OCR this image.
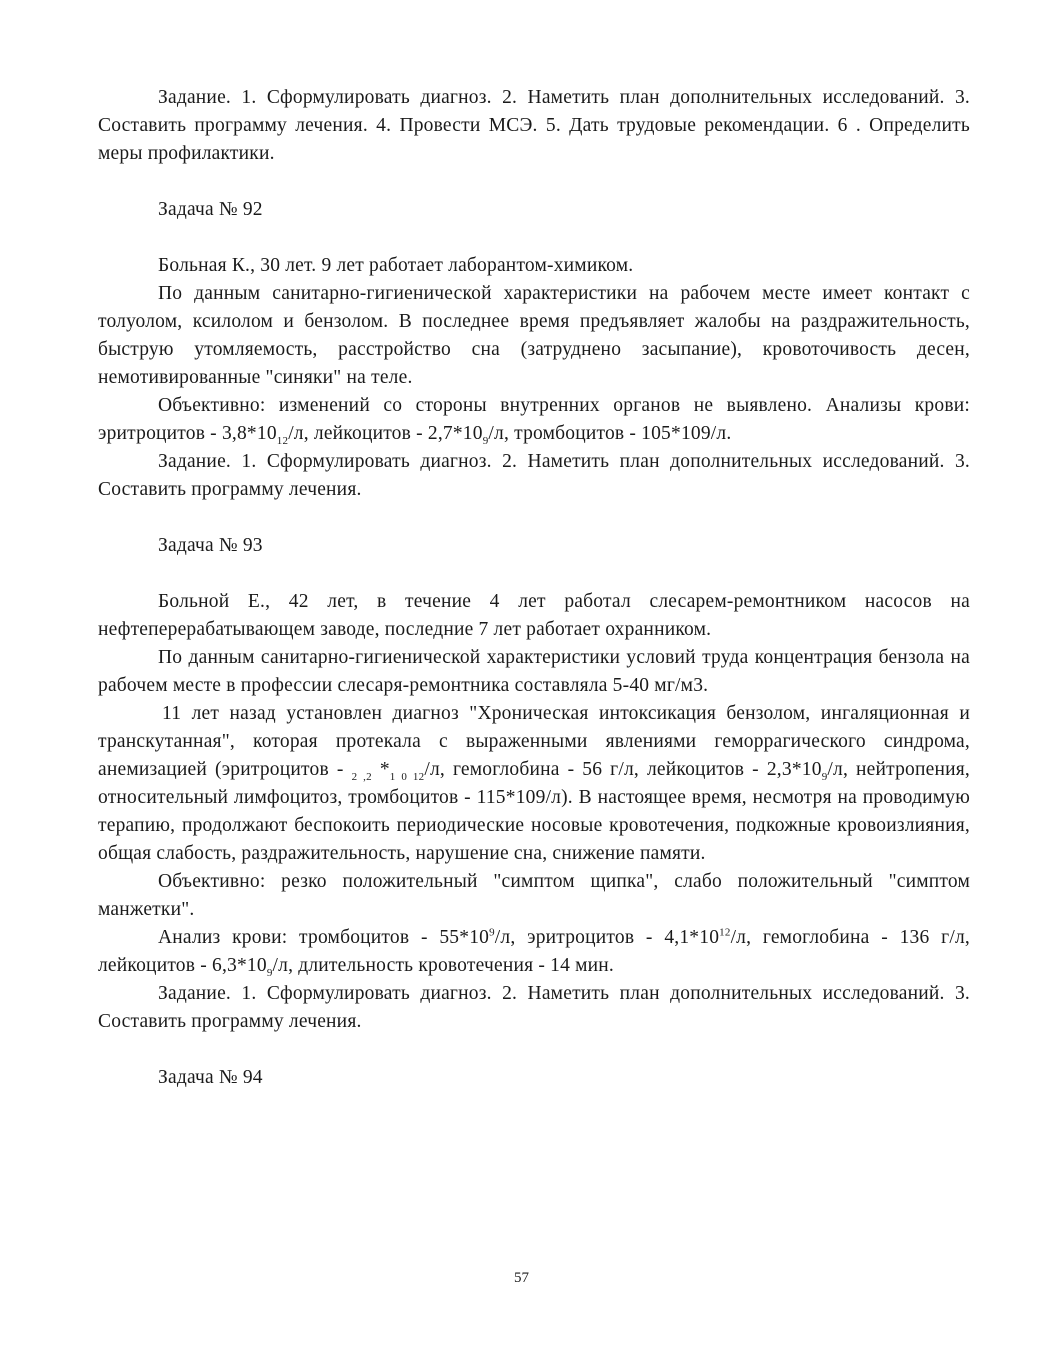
Задание. 1. Сформулировать диагноз. 2. Наметить план дополнительных исследований. 3. Составить программу лечения. 4. Провести МСЭ. 5. Дать трудовые рекомендации. 6 . Определить меры профилактики.

Задача № 92

Больная К., 30 лет. 9 лет работает лаборантом-химиком.

По данным санитарно-гигиенической характеристики на рабочем месте имеет контакт с толуолом, ксилолом и бензолом. В последнее время предъявляет жалобы на раздражительность, быструю утомляемость, расстройство сна (затруднено засыпание), кровоточивость десен, немотивированные "синяки" на теле.

Объективно: изменений со стороны внутренних органов не выявлено. Анализы крови: эритроцитов - $3,8*10_{12}/л$, лейкоцитов - $2,7*10_9/л$, тромбоцитов - 105*109/л.

Задание. 1. Сформулировать диагноз. 2. Наметить план дополнительных исследований. 3. Составить программу лечения.

Задача № 93

Больной Е., 42 лет, в течение 4 лет работал слесарем-ремонтником насосов на нефтеперерабатывающем заводе, последние 7 лет работает охранником.

По данным санитарно-гигиенической характеристики условий труда концентрация бензола на рабочем месте в профессии слесаря-ремонтника составляла 5-40 мг/м3.

11 лет назад установлен диагноз "Хроническая интоксикация бензолом, ингаляционная и транскутанная", которая протекала с выраженными явлениями геморрагического синдрома, анемизацией (эритроцитов - $_{2 ,2}$ $*_{1 0 12}/л$, гемоглобина - 56 г/л, лейкоцитов - $2,3*10_9/л$, нейтропения, относительный лимфоцитоз, тромбоцитов - 115*109/л). В настоящее время, несмотря на проводимую терапию, продолжают беспокоить периодические носовые кровотечения, подкожные кровоизлияния, общая слабость, раздражительность, нарушение сна, снижение памяти.

Объективно: резко положительный "симптом щипка", слабо положительный "симптом манжетки".

Анализ крови: тромбоцитов - $55*10^9/л$, эритроцитов - $4,1*10^{12}/л$, гемоглобина - 136 г/л, лейкоцитов - $6,3*10_9/л$, длительность кровотечения - 14 мин.

Задание. 1. Сформулировать диагноз. 2. Наметить план дополнительных исследований. 3. Составить программу лечения.

Задача № 94

57
